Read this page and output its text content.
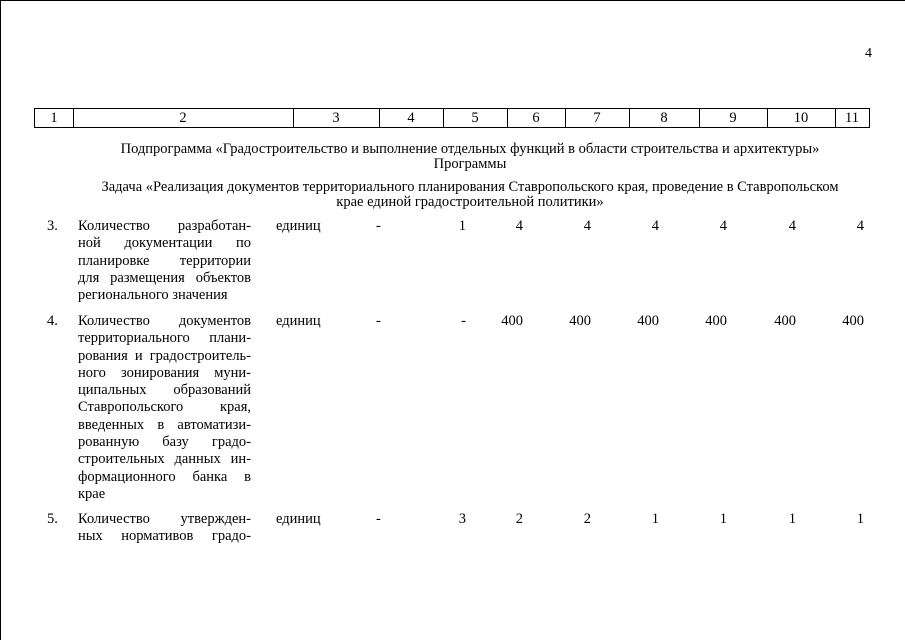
4
1	2	3	4	5	6	7	8	9	10	11
Подпрограмма «Градостроительство и выполнение отдельных функций в области строительства и архитектуры»
Программы
Задача «Реализация документов территориального планирования Ставропольского края, проведение в Ставропольском
крае единой градостроительной политики»
3. Количество разработан-
ной документации по
планировке территории
для размещения объектов
регионального значения
единиц	-	1	4	4	4	4	4	4
4. Количество документов
территориального плани-
рования и градостроитель-
ного зонирования муни-
ципальных образований
Ставропольского края,
введенных в автоматизи-
рованную базу градо-
строительных данных ин-
формационного банка в
крае
единиц	-	-	400	400	400	400	400	400
5. Количество утвержден-
ных нормативов градо-
единиц	-	3	2	2	1	1	1	1
